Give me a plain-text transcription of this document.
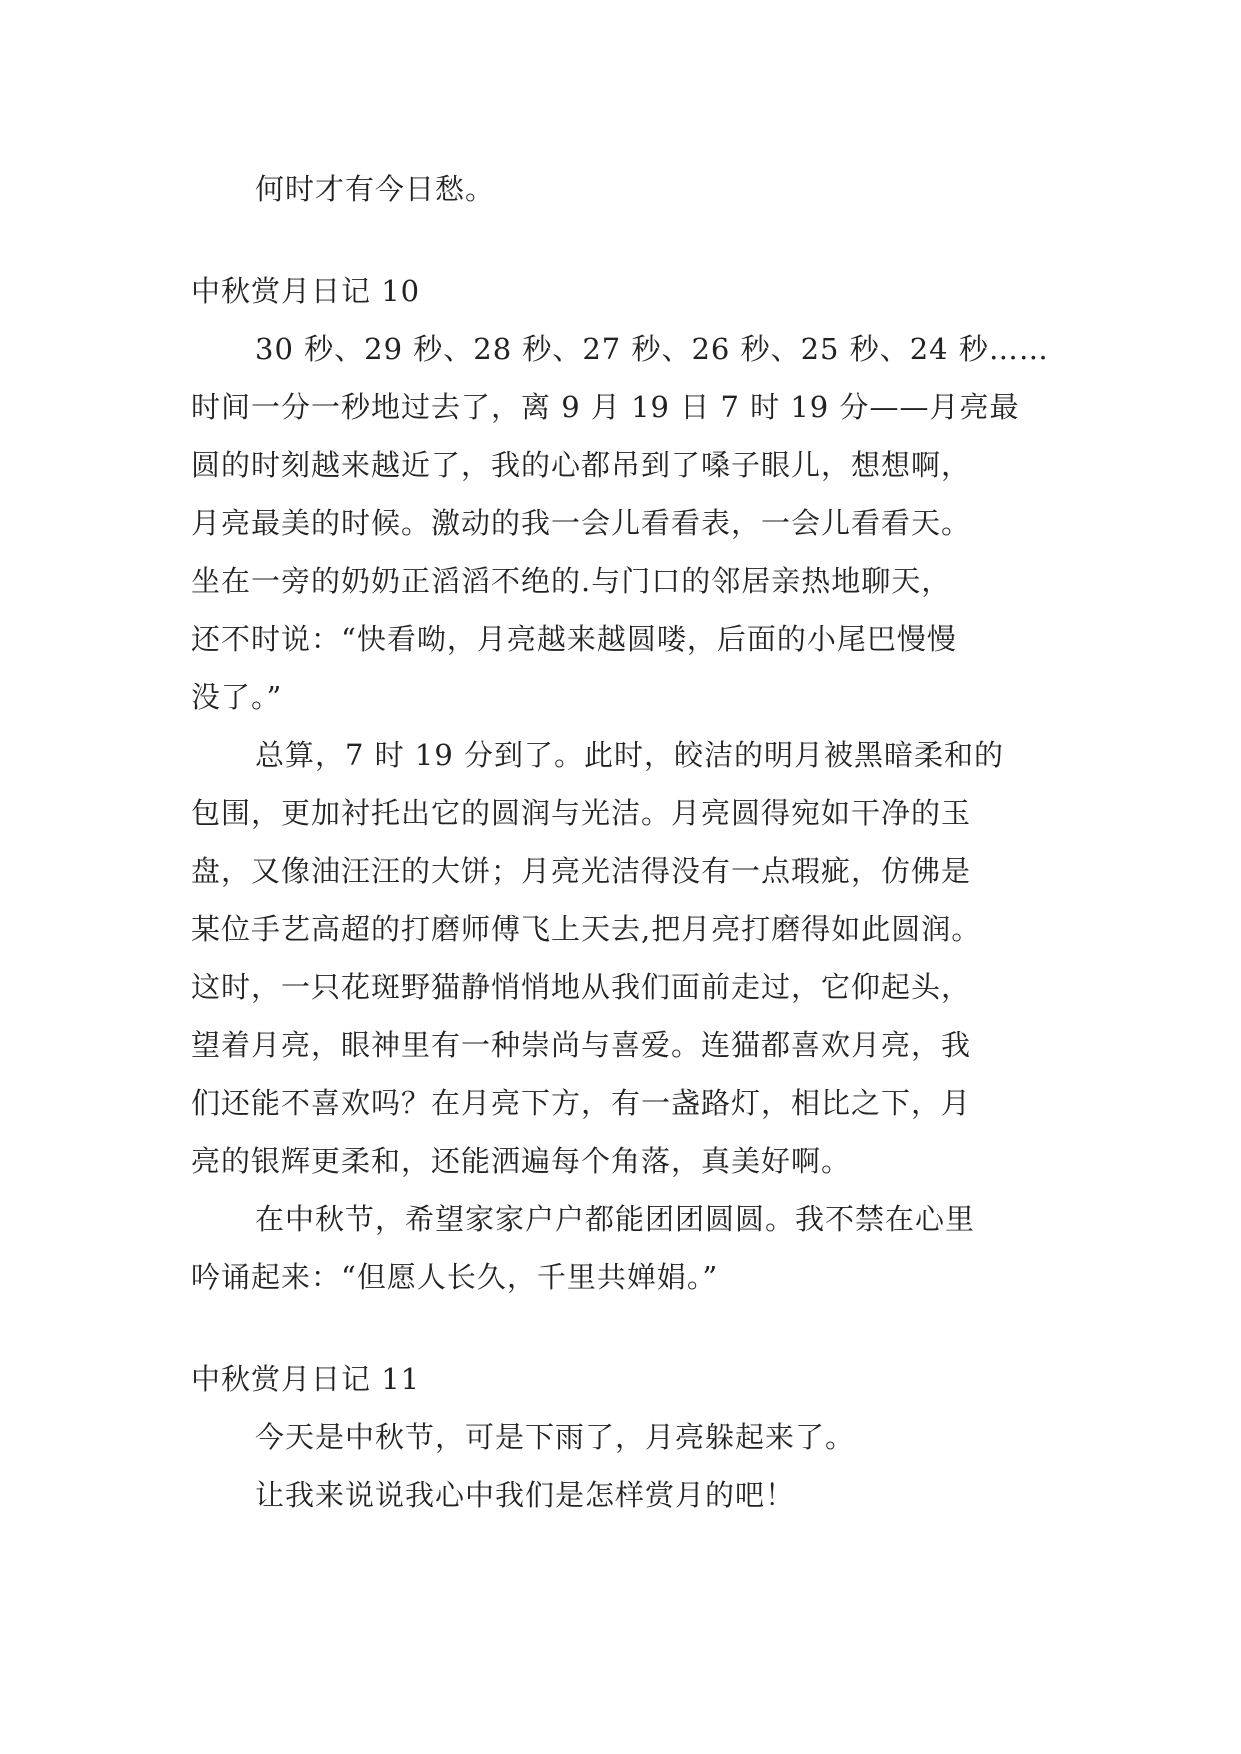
何时才有今日愁。

中秋赏月日记 10

30 秒、29 秒、28 秒、27 秒、26 秒、25 秒、24 秒……

时间一分一秒地过去了，离 9 月 19 日 7 时 19 分——月亮最

圆的时刻越来越近了，我的心都吊到了嗓子眼儿，想想啊，

月亮最美的时候。激动的我一会儿看看表，一会儿看看天。

坐在一旁的奶奶正滔滔不绝的.与门口的邻居亲热地聊天，

还不时说：“快看呦，月亮越来越圆喽，后面的小尾巴慢慢

没了。”

总算，7 时 19 分到了。此时，皎洁的明月被黑暗柔和的

包围，更加衬托出它的圆润与光洁。月亮圆得宛如干净的玉

盘，又像油汪汪的大饼；月亮光洁得没有一点瑕疵，仿佛是

某位手艺高超的打磨师傅飞上天去,把月亮打磨得如此圆润。

这时，一只花斑野猫静悄悄地从我们面前走过，它仰起头，

望着月亮，眼神里有一种崇尚与喜爱。连猫都喜欢月亮，我

们还能不喜欢吗？在月亮下方，有一盏路灯，相比之下，月

亮的银辉更柔和，还能洒遍每个角落，真美好啊。

在中秋节，希望家家户户都能团团圆圆。我不禁在心里

吟诵起来：“但愿人长久，千里共婵娟。”

中秋赏月日记 11

今天是中秋节，可是下雨了，月亮躲起来了。

让我来说说我心中我们是怎样赏月的吧！
